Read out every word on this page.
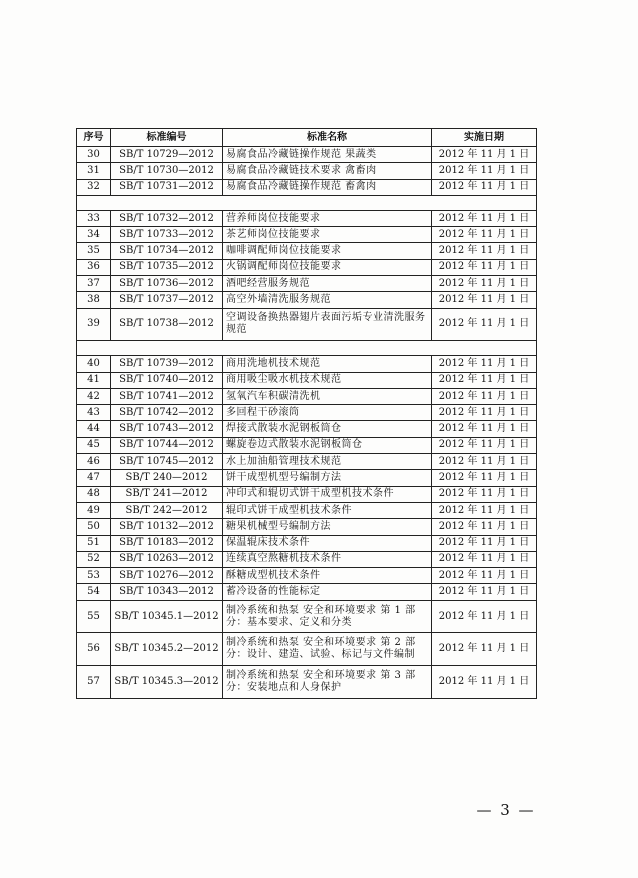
序号	标准编号	标准名称	实施日期
30	SB/T 10729—2012	易腐食品冷藏链操作规范 果蔬类	2012 年 11 月 1 日
31	SB/T 10730—2012	易腐食品冷藏链技术要求 禽畜肉	2012 年 11 月 1 日
32	SB/T 10731—2012	易腐食品冷藏链操作规范 畜禽肉	2012 年 11 月 1 日

33	SB/T 10732—2012	营养师岗位技能要求	2012 年 11 月 1 日
34	SB/T 10733—2012	茶艺师岗位技能要求	2012 年 11 月 1 日
35	SB/T 10734—2012	咖啡调配师岗位技能要求	2012 年 11 月 1 日
36	SB/T 10735—2012	火锅调配师岗位技能要求	2012 年 11 月 1 日
37	SB/T 10736—2012	酒吧经营服务规范	2012 年 11 月 1 日
38	SB/T 10737—2012	高空外墙清洗服务规范	2012 年 11 月 1 日
39	SB/T 10738—2012	空调设备换热器翅片表面污垢专业清洗服务规范	2012 年 11 月 1 日

40	SB/T 10739—2012	商用洗地机技术规范	2012 年 11 月 1 日
41	SB/T 10740—2012	商用吸尘吸水机技术规范	2012 年 11 月 1 日
42	SB/T 10741—2012	氢氧汽车积碳清洗机	2012 年 11 月 1 日
43	SB/T 10742—2012	多回程干砂滚筒	2012 年 11 月 1 日
44	SB/T 10743—2012	焊接式散装水泥钢板筒仓	2012 年 11 月 1 日
45	SB/T 10744—2012	螺旋卷边式散装水泥钢板筒仓	2012 年 11 月 1 日
46	SB/T 10745—2012	水上加油船管理技术规范	2012 年 11 月 1 日
47	SB/T 240—2012	饼干成型机型号编制方法	2012 年 11 月 1 日
48	SB/T 241—2012	冲印式和辊切式饼干成型机技术条件	2012 年 11 月 1 日
49	SB/T 242—2012	辊印式饼干成型机技术条件	2012 年 11 月 1 日
50	SB/T 10132—2012	糖果机械型号编制方法	2012 年 11 月 1 日
51	SB/T 10183—2012	保温辊床技术条件	2012 年 11 月 1 日
52	SB/T 10263—2012	连续真空熬糖机技术条件	2012 年 11 月 1 日
53	SB/T 10276—2012	酥糖成型机技术条件	2012 年 11 月 1 日
54	SB/T 10343—2012	蓄冷设备的性能标定	2012 年 11 月 1 日
55	SB/T 10345.1—2012	制冷系统和热泵 安全和环境要求 第 1 部分：基本要求、定义和分类	2012 年 11 月 1 日
56	SB/T 10345.2—2012	制冷系统和热泵 安全和环境要求 第 2 部分：设计、建造、试验、标记与文件编制	2012 年 11 月 1 日
57	SB/T 10345.3—2012	制冷系统和热泵 安全和环境要求 第 3 部分：安装地点和人身保护	2012 年 11 月 1 日
— 3 —
